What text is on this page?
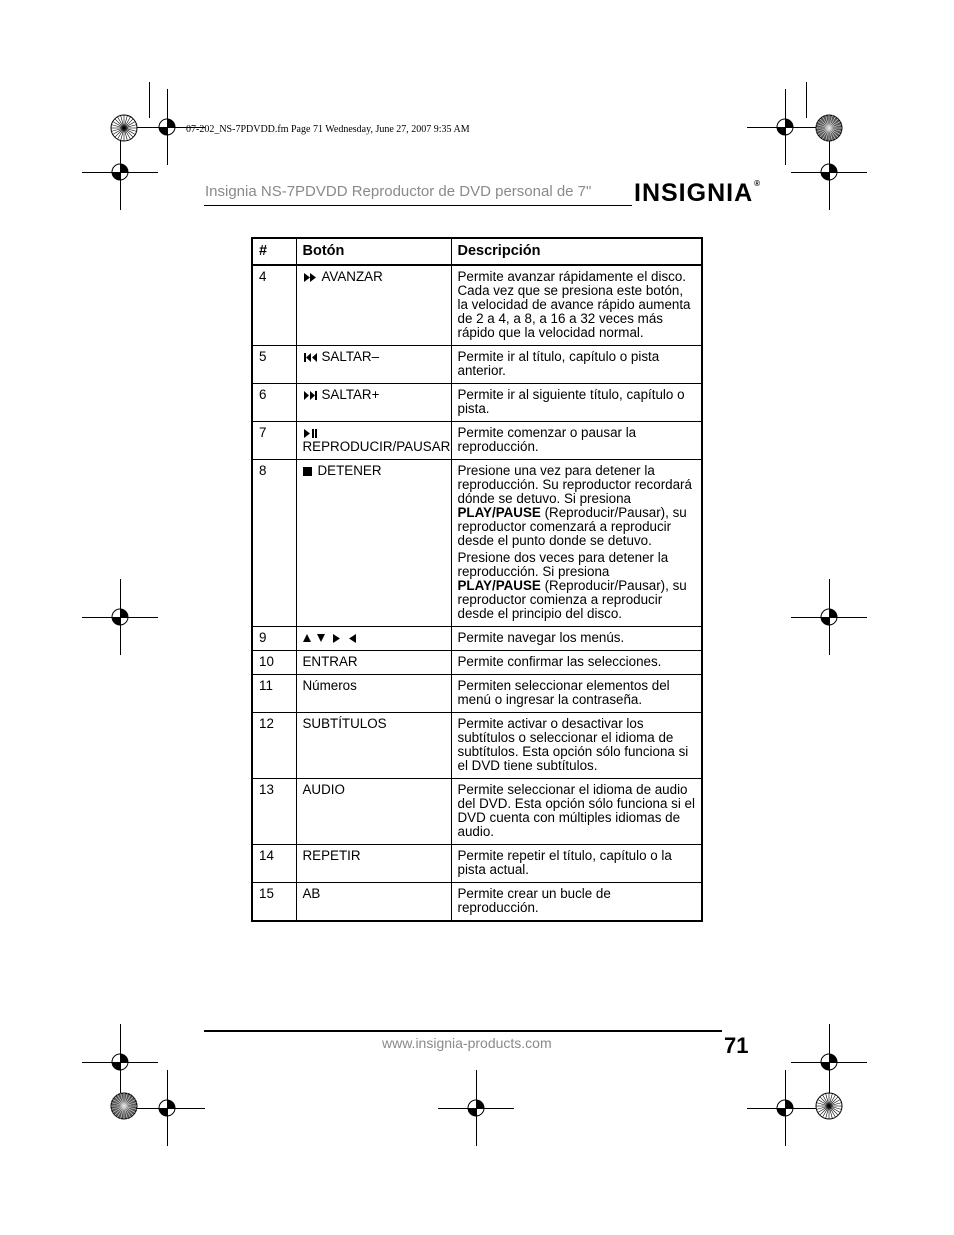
07-202_NS-7PDVDD.fm Page 71 Wednesday, June 27, 2007 9:35 AM
Insignia NS-7PDVDD Reproductor de DVD personal de 7" INSIGNIA®
#	Botón	Descripción
4	AVANZAR	Permite avanzar rápidamente el disco. Cada vez que se presiona este botón, la velocidad de avance rápido aumenta de 2 a 4, a 8, a 16 a 32 veces más rápido que la velocidad normal.

5	SALTAR–	Permite ir al título, capítulo o pista anterior.

6	SALTAR+	Permite ir al siguiente título, capítulo o pista.

7	REPRODUCIR/PAUSAR	Permite comenzar o pausar la reproducción.

8	DETENER	Presione una vez para detener la reproducción. Su reproductor recordará dónde se detuvo. Si presiona PLAY/PAUSE (Reproducir/Pausar), su reproductor comenzará a reproducir desde el punto donde se detuvo.

Presione dos veces para detener la reproducción. Si presiona PLAY/PAUSE (Reproducir/Pausar), su reproductor comienza a reproducir desde el principio del disco.

9		Permite navegar los menús.

10	ENTRAR	Permite confirmar las selecciones.

11	Números	Permiten seleccionar elementos del menú o ingresar la contraseña.

12	SUBTÍTULOS	Permite activar o desactivar los subtítulos o seleccionar el idioma de subtítulos. Esta opción sólo funciona si el DVD tiene subtítulos.

13	AUDIO	Permite seleccionar el idioma de audio del DVD. Esta opción sólo funciona si el DVD cuenta con múltiples idiomas de audio.

14	REPETIR	Permite repetir el título, capítulo o la pista actual.

15	AB	Permite crear un bucle de reproducción.

www.insignia-products.com	71
